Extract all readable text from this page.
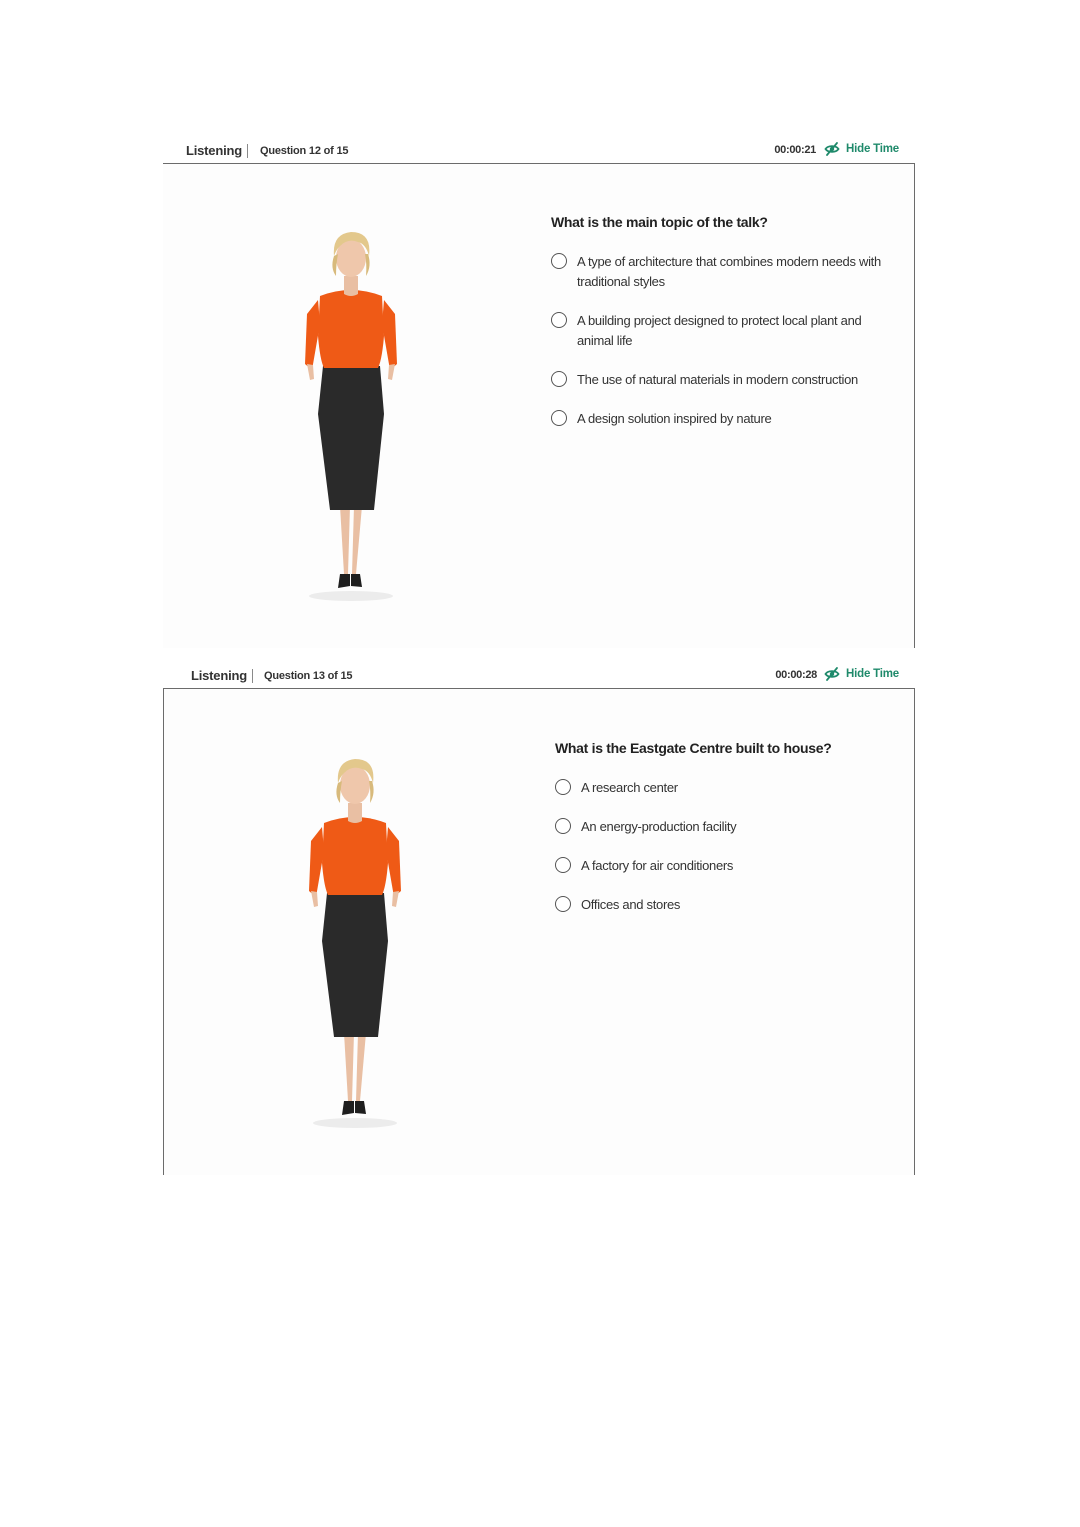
Listening Question 12 of 15	00:00:21	Hide Time

What is the main topic of the talk?

A type of architecture that combines modern needs with traditional styles
A building project designed to protect local plant and animal life
The use of natural materials in modern construction
A design solution inspired by nature
Listening Question 13 of 15	00:00:28	Hide Time

What is the Eastgate Centre built to house?

A research center
An energy-production facility
A factory for air conditioners
Offices and stores
